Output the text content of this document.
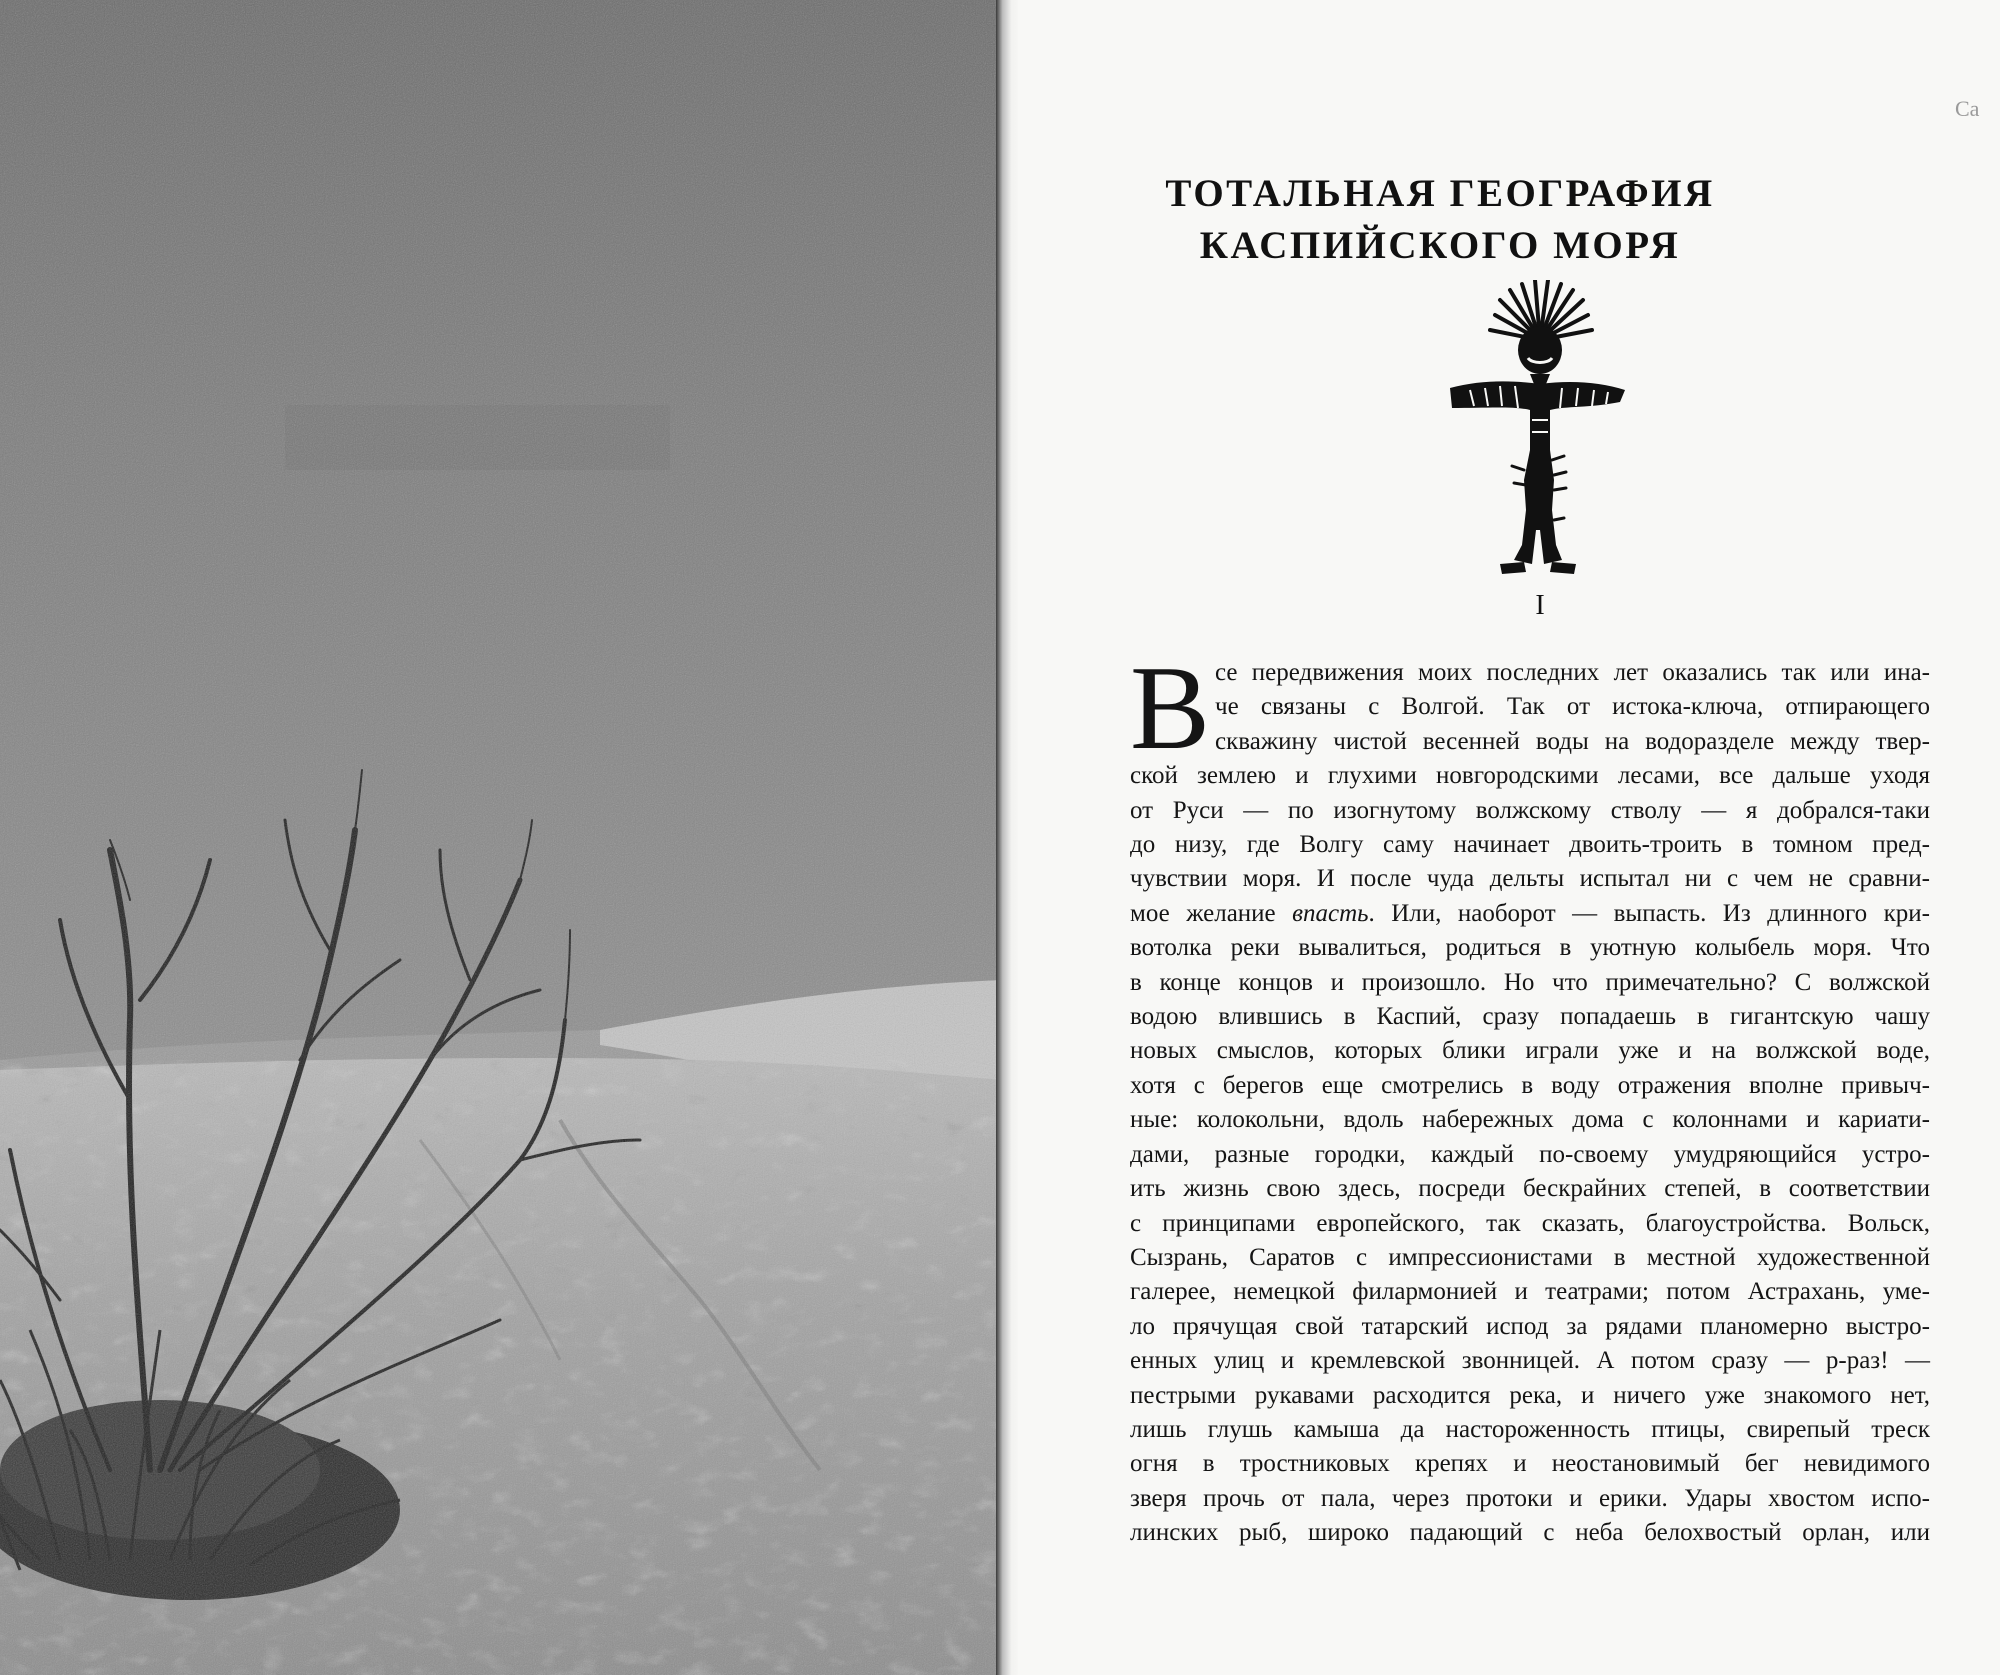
Ca
ТОТАЛЬНАЯ ГЕОГРАФИЯ
КАСПИЙСКОГО МОРЯ
I
В се передвижения моих последних лет оказались так или ина-
че связаны с Волгой. Так от истока-ключа, отпирающего
скважину чистой весенней воды на водоразделе между твер-
ской землею и глухими новгородскими лесами, все дальше уходя
от Руси — по изогнутому волжскому стволу — я добрался-таки
до низу, где Волгу саму начинает двоить-троить в томном пред-
чувствии моря. И после чуда дельты испытал ни с чем не сравни-
мое желание впасть. Или, наоборот — выпасть. Из длинного кри-
вотолка реки вывалиться, родиться в уютную колыбель моря. Что
в конце концов и произошло. Но что примечательно? С волжской
водою влившись в Каспий, сразу попадаешь в гигантскую чашу
новых смыслов, которых блики играли уже и на волжской воде,
хотя с берегов еще смотрелись в воду отражения вполне привыч-
ные: колокольни, вдоль набережных дома с колоннами и кариати-
дами, разные городки, каждый по-своему умудряющийся устро-
ить жизнь свою здесь, посреди бескрайних степей, в соответствии
с принципами европейского, так сказать, благоустройства. Вольск,
Сызрань, Саратов с импрессионистами в местной художественной
галерее, немецкой филармонией и театрами; потом Астрахань, уме-
ло прячущая свой татарский испод за рядами планомерно выстро-
енных улиц и кремлевской звонницей. А потом сразу — р-раз! —
пестрыми рукавами расходится река, и ничего уже знакомого нет,
лишь глушь камыша да настороженность птицы, свирепый треск
огня в тростниковых крепях и неостановимый бег невидимого
зверя прочь от пала, через протоки и ерики. Удары хвостом испо-
линских рыб, широко падающий с неба белохвостый орлан, или
